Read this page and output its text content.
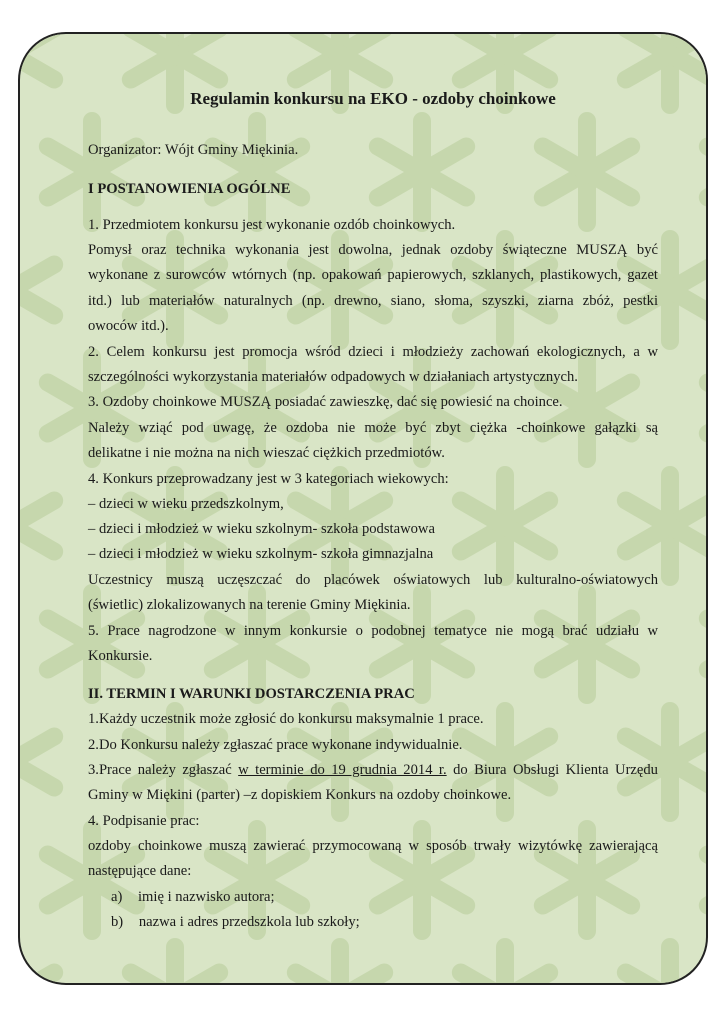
Regulamin konkursu na EKO - ozdoby choinkowe
Organizator: Wójt Gminy Miękinia.
I POSTANOWIENIA OGÓLNE
1. Przedmiotem konkursu jest wykonanie ozdób choinkowych.
Pomysł oraz technika wykonania jest dowolna, jednak ozdoby świąteczne MUSZĄ być
wykonane z surowców wtórnych (np. opakowań papierowych, szklanych, plastikowych, gazet
itd.) lub materiałów naturalnych (np. drewno, siano, słoma, szyszki, ziarna zbóż, pestki
owoców itd.).
2. Celem konkursu jest promocja wśród dzieci i młodzieży zachowań ekologicznych, a w
szczególności wykorzystania materiałów odpadowych w działaniach artystycznych.
3. Ozdoby choinkowe MUSZĄ posiadać zawieszkę, dać się powiesić na choince.
Należy wziąć pod uwagę, że ozdoba nie może być zbyt ciężka -choinkowe gałązki są
delikatne i nie można na nich wieszać ciężkich przedmiotów.
4. Konkurs przeprowadzany jest w 3 kategoriach wiekowych:
– dzieci w wieku przedszkolnym,
– dzieci i młodzież w wieku szkolnym- szkoła podstawowa
– dzieci i młodzież w wieku szkolnym- szkoła gimnazjalna
Uczestnicy muszą uczęszczać do placówek oświatowych lub kulturalno-oświatowych
(świetlic) zlokalizowanych na terenie Gminy Miękinia.
5. Prace nagrodzone w innym konkursie o podobnej tematyce nie mogą brać udziału w
Konkursie.
II. TERMIN I WARUNKI DOSTARCZENIA PRAC
1.Każdy uczestnik może zgłosić do konkursu maksymalnie 1 prace.
2.Do Konkursu należy zgłaszać prace wykonane indywidualnie.
3.Prace należy zgłaszać w terminie do 19 grudnia 2014 r. do Biura Obsługi Klienta Urzędu
Gminy w Miękini (parter) –z dopiskiem Konkurs na ozdoby choinkowe.
4. Podpisanie prac:
ozdoby choinkowe muszą zawierać przymocowaną w sposób trwały wizytówkę zawierającą
następujące dane:
a) imię i nazwisko autora;
b) nazwa i adres przedszkola lub szkoły;
